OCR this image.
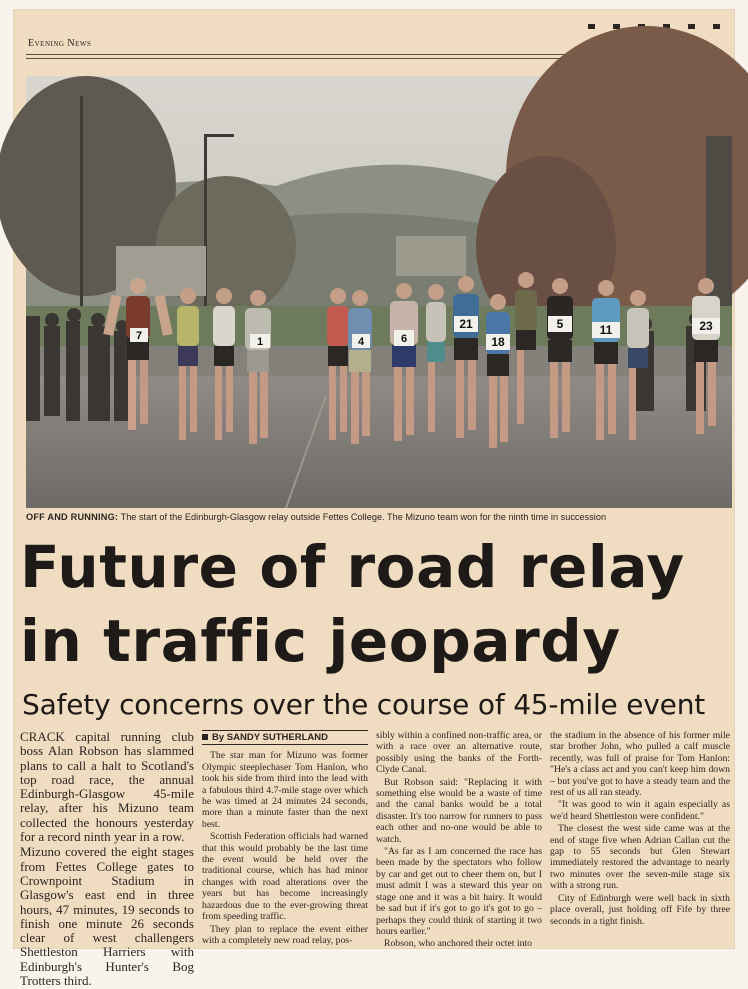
Evening News
7	1	4	6
21
18
5	11	23
OFF AND RUNNING: The start of the Edinburgh-Glasgow relay outside Fettes College. The Mizuno team won for the ninth time in succession
Future of road relay
in traffic jeopardy
Safety concerns over the course of 45-mile event

CRACK capital running club boss Alan Robson has slammed plans to call a halt to Scotland's top road race, the annual Edinburgh-Glasgow 45-mile relay, after his Mizuno team collected the honours yesterday for a record ninth year in a row.

Mizuno covered the eight stages from Fettes College gates to Crownpoint Stadium in Glasgow's east end in three hours, 47 minutes, 19 seconds to finish one minute 26 seconds clear of west challengers Shettleston Harriers with Edinburgh's Hunter's Bog Trotters third.

By SANDY SUTHERLAND

The star man for Mizuno was former Olympic steeplechaser Tom Hanlon, who took his side from third into the lead with a fabulous third 4.7-mile stage over which he was timed at 24 minutes 24 seconds, more than a minute faster than the next best.

Scottish Federation officials had warned that this would probably be the last time the event would be held over the traditional course, which has had minor changes with road alterations over the years but has become increasingly hazardous due to the ever-growing threat from speeding traffic.

They plan to replace the event either with a completely new road relay, pos-

sibly within a confined non-traffic area, or with a race over an alternative route, possibly using the banks of the Forth-Clyde Canal.

But Robson said: "Replacing it with something else would be a waste of time and the canal banks would be a total disaster. It's too narrow for runners to pass each other and no-one would be able to watch.

"As far as I am concerned the race has been made by the spectators who follow by car and get out to cheer them on, but I must admit I was a steward this year on stage one and it was a bit hairy. It would be sad but if it's got to go it's got to go – perhaps they could think of starting it two hours earlier."

Robson, who anchored their octet into

the stadium in the absence of his former mile star brother John, who pulled a calf muscle recently, was full of praise for Tom Hanlon: "He's a class act and you can't keep him down – but you've got to have a steady team and the rest of us all ran steady.

"It was good to win it again especially as we'd heard Shettleston were confident."

The closest the west side came was at the end of stage five when Adrian Callan cut the gap to 55 seconds but Glen Stewart immediately restored the advantage to nearly two minutes over the seven-mile stage six with a strong run.

City of Edinburgh were well back in sixth place overall, just holding off Fife by three seconds in a tight finish.
